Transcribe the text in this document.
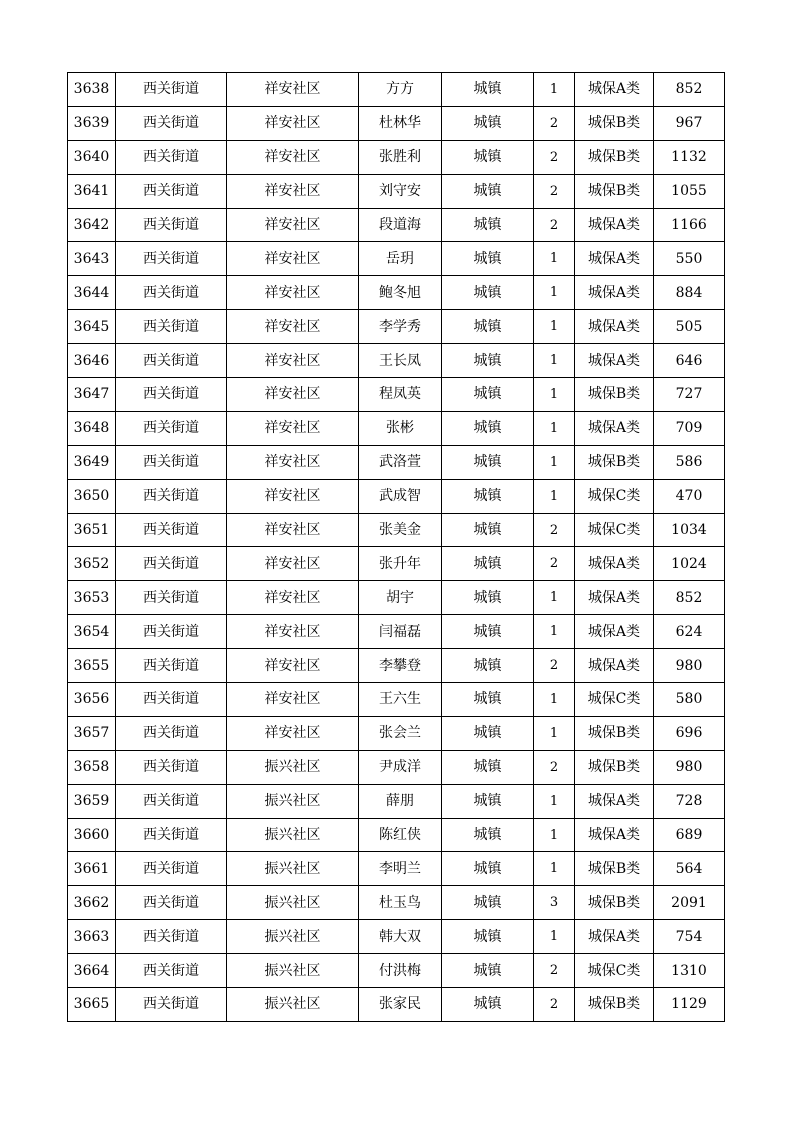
3638	西关街道	祥安社区	方方	城镇	1	城保A类	852
3639	西关街道	祥安社区	杜林华	城镇	2	城保B类	967
3640	西关街道	祥安社区	张胜利	城镇	2	城保B类	1132
3641	西关街道	祥安社区	刘守安	城镇	2	城保B类	1055
3642	西关街道	祥安社区	段道海	城镇	2	城保A类	1166
3643	西关街道	祥安社区	岳玥	城镇	1	城保A类	550
3644	西关街道	祥安社区	鲍冬旭	城镇	1	城保A类	884
3645	西关街道	祥安社区	李学秀	城镇	1	城保A类	505
3646	西关街道	祥安社区	王长凤	城镇	1	城保A类	646
3647	西关街道	祥安社区	程凤英	城镇	1	城保B类	727
3648	西关街道	祥安社区	张彬	城镇	1	城保A类	709
3649	西关街道	祥安社区	武洛萱	城镇	1	城保B类	586
3650	西关街道	祥安社区	武成智	城镇	1	城保C类	470
3651	西关街道	祥安社区	张美金	城镇	2	城保C类	1034
3652	西关街道	祥安社区	张升年	城镇	2	城保A类	1024
3653	西关街道	祥安社区	胡宇	城镇	1	城保A类	852
3654	西关街道	祥安社区	闫福磊	城镇	1	城保A类	624
3655	西关街道	祥安社区	李攀登	城镇	2	城保A类	980
3656	西关街道	祥安社区	王六生	城镇	1	城保C类	580
3657	西关街道	祥安社区	张会兰	城镇	1	城保B类	696
3658	西关街道	振兴社区	尹成洋	城镇	2	城保B类	980
3659	西关街道	振兴社区	薛朋	城镇	1	城保A类	728
3660	西关街道	振兴社区	陈红侠	城镇	1	城保A类	689
3661	西关街道	振兴社区	李明兰	城镇	1	城保B类	564
3662	西关街道	振兴社区	杜玉鸟	城镇	3	城保B类	2091
3663	西关街道	振兴社区	韩大双	城镇	1	城保A类	754
3664	西关街道	振兴社区	付洪梅	城镇	2	城保C类	1310
3665	西关街道	振兴社区	张家民	城镇	2	城保B类	1129
